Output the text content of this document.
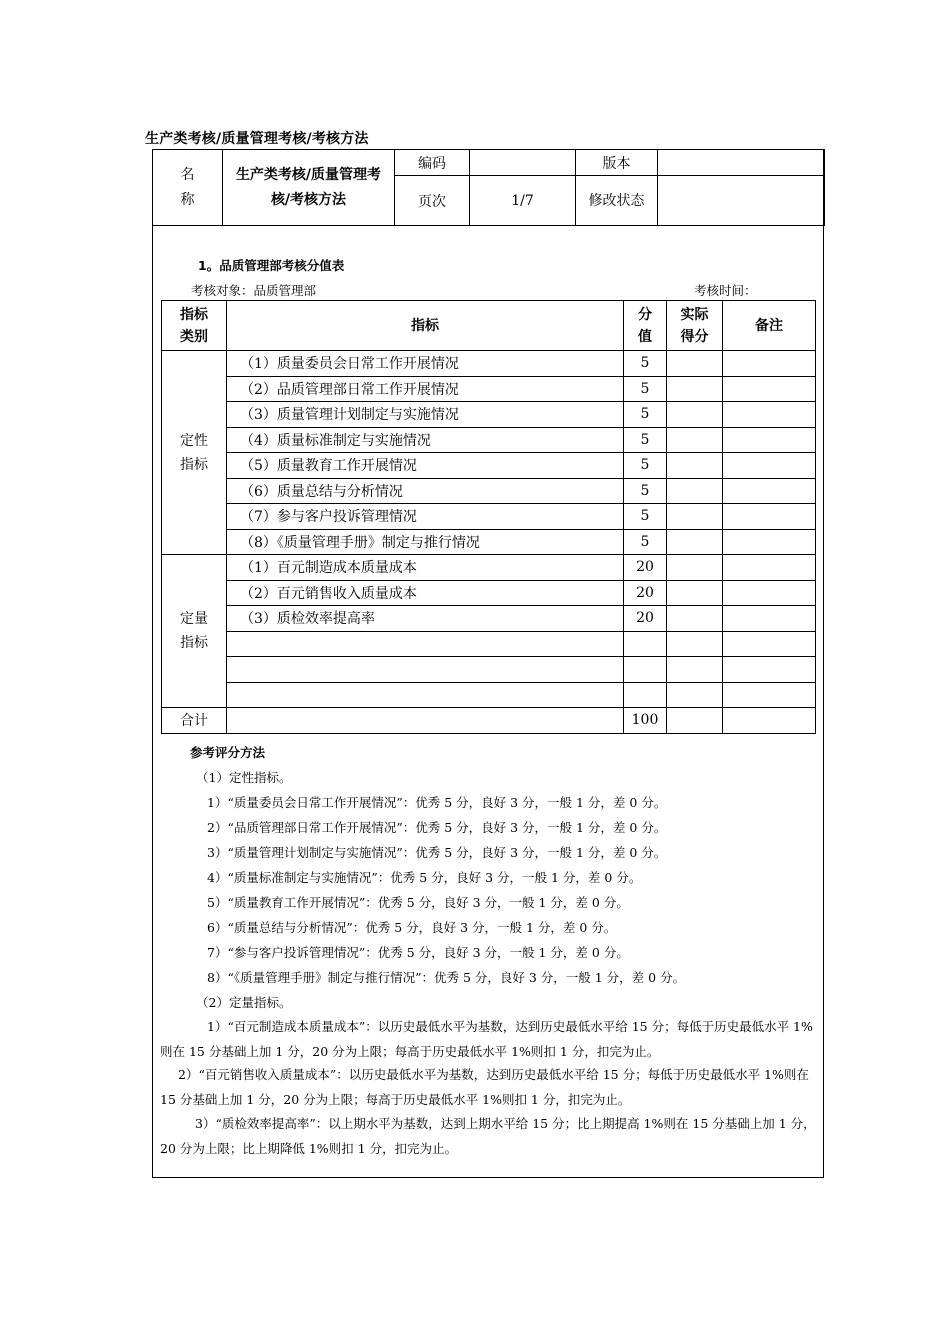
生产类考核/质量管理考核/考核方法
名称	生产类考核/质量管理考核/考核方法	编码		版本	
		页次	1/7	修改状态	

1。品质管理部考核分值表
考核对象：品质管理部	考核时间：
指标类别	指标	分值	实际得分	备注

定性指标	（1）质量委员会日常工作开展情况	5		
	（2）品质管理部日常工作开展情况	5		
	（3）质量管理计划制定与实施情况	5		
	（4）质量标准制定与实施情况	5		
	（5）质量教育工作开展情况	5		
	（6）质量总结与分析情况	5		
	（7）参与客户投诉管理情况	5		
	（8）《质量管理手册》制定与推行情况	5		

定量指标	（1）百元制造成本质量成本	20		
	（2）百元销售收入质量成本	20		
	（3）质检效率提高率	20		

合计		100		
参考评分方法
（1）定性指标。
1）“质量委员会日常工作开展情况”：优秀 5 分，良好 3 分，一般 1 分，差 0 分。
2）“品质管理部日常工作开展情况”：优秀 5 分，良好 3 分，一般 1 分，差 0 分。
3）“质量管理计划制定与实施情况”：优秀 5 分，良好 3 分，一般 1 分，差 0 分。
4）“质量标准制定与实施情况”：优秀 5 分，良好 3 分，一般 1 分，差 0 分。
5）“质量教育工作开展情况”：优秀 5 分，良好 3 分，一般 1 分，差 0 分。
6）“质量总结与分析情况”：优秀 5 分，良好 3 分，一般 1 分，差 0 分。
7）“参与客户投诉管理情况”：优秀 5 分，良好 3 分，一般 1 分，差 0 分。
8）“《质量管理手册》制定与推行情况”：优秀 5 分，良好 3 分，一般 1 分，差 0 分。
（2）定量指标。
1）“百元制造成本质量成本”：以历史最低水平为基数，达到历史最低水平给 15 分；每低于历史最低水平 1%则在 15 分基础上加 1 分，20 分为上限；每高于历史最低水平 1%则扣 1 分，扣完为止。
2）“百元销售收入质量成本”：以历史最低水平为基数，达到历史最低水平给 15 分；每低于历史最低水平 1%则在 15 分基础上加 1 分，20 分为上限；每高于历史最低水平 1%则扣 1 分，扣完为止。
3）“质检效率提高率”：以上期水平为基数，达到上期水平给 15 分；比上期提高 1%则在 15 分基础上加 1 分，20 分为上限；比上期降低 1%则扣 1 分，扣完为止。
